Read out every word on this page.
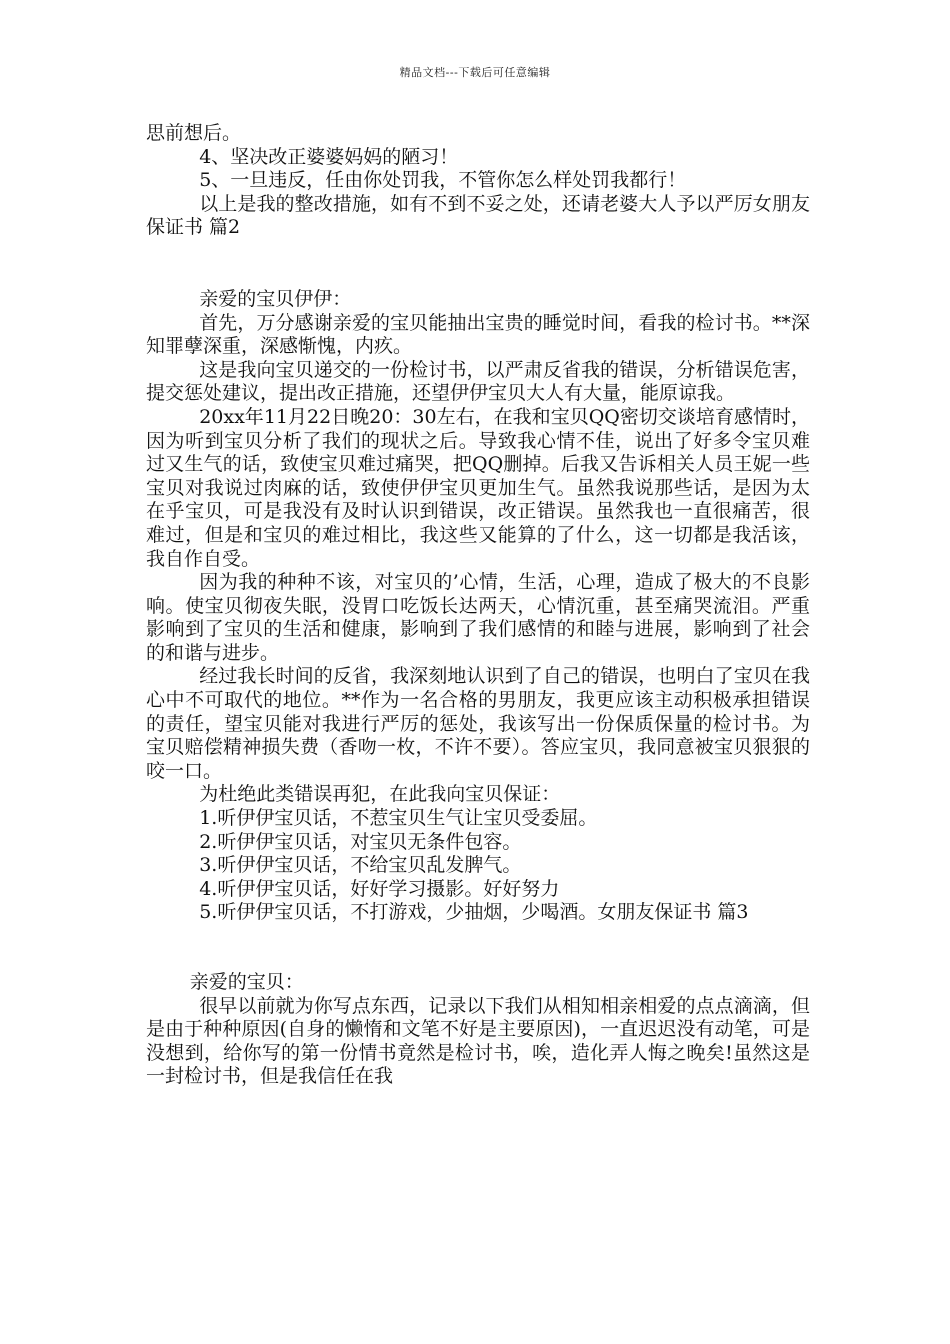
精品文档---下载后可任意编辑

思前想后。

4、坚决改正婆婆妈妈的陋习！

5、一旦违反，任由你处罚我，不管你怎么样处罚我都行！

以上是我的整改措施，如有不到不妥之处，还请老婆大人予以严厉女朋友保证书 篇2

亲爱的宝贝伊伊：

首先，万分感谢亲爱的宝贝能抽出宝贵的睡觉时间，看我的检讨书。**深知罪孽深重，深感惭愧，内疚。

这是我向宝贝递交的一份检讨书，以严肃反省我的错误，分析错误危害，提交惩处建议，提出改正措施，还望伊伊宝贝大人有大量，能原谅我。

20xx年11月22日晚20：30左右，在我和宝贝QQ密切交谈培育感情时，因为听到宝贝分析了我们的现状之后。导致我心情不佳，说出了好多令宝贝难过又生气的话，致使宝贝难过痛哭，把QQ删掉。后我又告诉相关人员王妮一些宝贝对我说过肉麻的话，致使伊伊宝贝更加生气。虽然我说那些话，是因为太在乎宝贝，可是我没有及时认识到错误，改正错误。虽然我也一直很痛苦，很难过，但是和宝贝的难过相比，我这些又能算的了什么，这一切都是我活该，我自作自受。

因为我的种种不该，对宝贝的’心情，生活，心理，造成了极大的不良影响。使宝贝彻夜失眠，没胃口吃饭长达两天，心情沉重，甚至痛哭流泪。严重影响到了宝贝的生活和健康，影响到了我们感情的和睦与进展，影响到了社会的和谐与进步。

经过我长时间的反省，我深刻地认识到了自己的错误，也明白了宝贝在我心中不可取代的地位。**作为一名合格的男朋友，我更应该主动积极承担错误的责任，望宝贝能对我进行严厉的惩处，我该写出一份保质保量的检讨书。为宝贝赔偿精神损失费（香吻一枚，不许不要）。答应宝贝，我同意被宝贝狠狠的咬一口。

为杜绝此类错误再犯，在此我向宝贝保证：

1.听伊伊宝贝话，不惹宝贝生气让宝贝受委屈。

2.听伊伊宝贝话，对宝贝无条件包容。

3.听伊伊宝贝话，不给宝贝乱发脾气。

4.听伊伊宝贝话，好好学习摄影。好好努力

5.听伊伊宝贝话，不打游戏，少抽烟，少喝酒。女朋友保证书 篇3

亲爱的宝贝：

很早以前就为你写点东西，记录以下我们从相知相亲相爱的点点滴滴，但是由于种种原因(自身的懒惰和文笔不好是主要原因)，一直迟迟没有动笔，可是没想到，给你写的第一份情书竟然是检讨书，唉，造化弄人悔之晚矣!虽然这是一封检讨书，但是我信任在我
